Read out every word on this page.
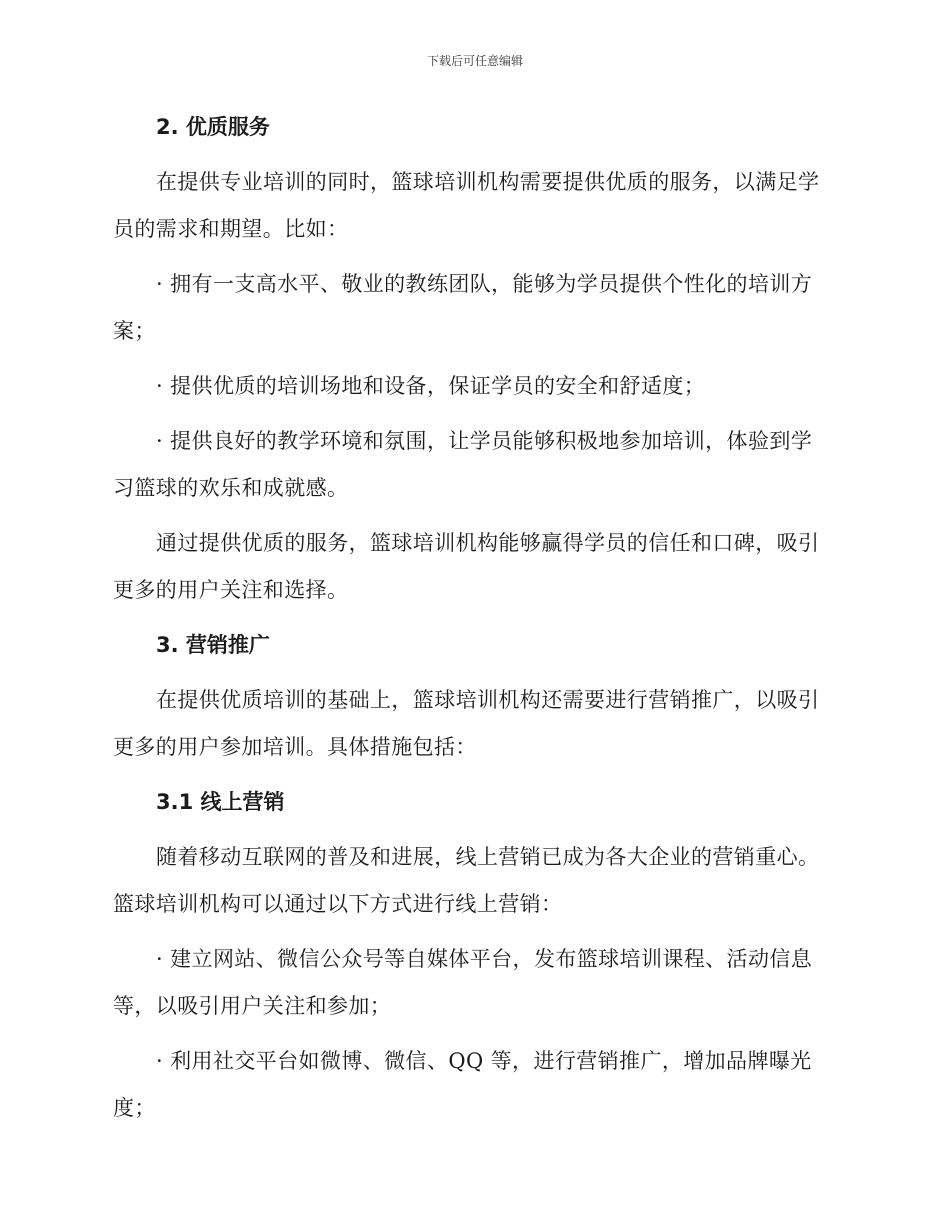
下载后可任意编辑
2. 优质服务

在提供专业培训的同时，篮球培训机构需要提供优质的服务，以满足学员的需求和期望。比如：

· 拥有一支高水平、敬业的教练团队，能够为学员提供个性化的培训方案；

· 提供优质的培训场地和设备，保证学员的安全和舒适度；

· 提供良好的教学环境和氛围，让学员能够积极地参加培训，体验到学习篮球的欢乐和成就感。

通过提供优质的服务，篮球培训机构能够赢得学员的信任和口碑，吸引更多的用户关注和选择。

3. 营销推广

在提供优质培训的基础上，篮球培训机构还需要进行营销推广，以吸引更多的用户参加培训。具体措施包括：

3.1 线上营销

随着移动互联网的普及和进展，线上营销已成为各大企业的营销重心。篮球培训机构可以通过以下方式进行线上营销：

· 建立网站、微信公众号等自媒体平台，发布篮球培训课程、活动信息等，以吸引用户关注和参加；

· 利用社交平台如微博、微信、QQ 等，进行营销推广，增加品牌曝光度；
